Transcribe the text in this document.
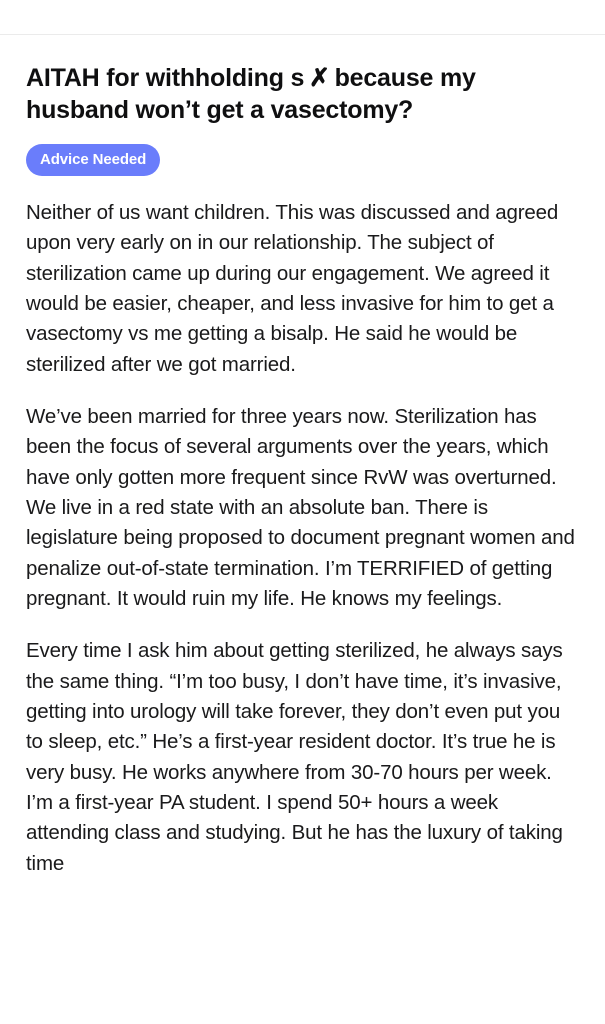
AITAH for withholding s ✗ because my husband won’t get a vasectomy?
Advice Needed

Neither of us want children. This was discussed and agreed upon very early on in our relationship. The subject of sterilization came up during our engagement. We agreed it would be easier, cheaper, and less invasive for him to get a vasectomy vs me getting a bisalp. He said he would be sterilized after we got married.

We’ve been married for three years now. Sterilization has been the focus of several arguments over the years, which have only gotten more frequent since RvW was overturned. We live in a red state with an absolute ban. There is legislature being proposed to document pregnant women and penalize out-of-state termination. I’m TERRIFIED of getting pregnant. It would ruin my life. He knows my feelings.

Every time I ask him about getting sterilized, he always says the same thing. “I’m too busy, I don’t have time, it’s invasive, getting into urology will take forever, they don’t even put you to sleep, etc.” He’s a first-year resident doctor. It’s true he is very busy. He works anywhere from 30-70 hours per week. I’m a first-year PA student. I spend 50+ hours a week attending class and studying. But he has the luxury of taking time
